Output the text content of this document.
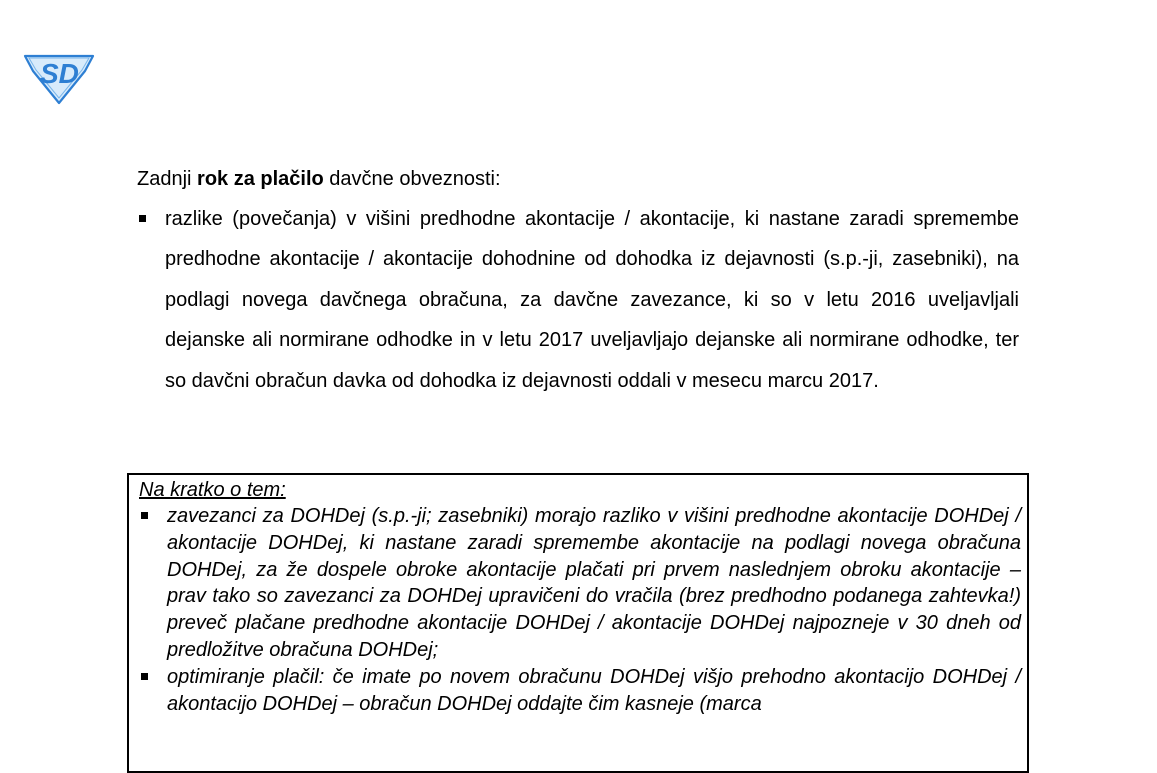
SD

Zadnji rok za plačilo davčne obveznosti:

razlike (povečanja) v višini predhodne akontacije / akontacije, ki nastane zaradi spremembe predhodne akontacije / akontacije dohodnine od dohodka iz dejavnosti (s.p.-ji, zasebniki), na podlagi novega davčnega obračuna, za davčne zavezance, ki so v letu 2016 uveljavljali dejanske ali normirane odhodke in v letu 2017 uveljavljajo dejanske ali normirane odhodke, ter so davčni obračun davka od dohodka iz dejavnosti oddali v mesecu marcu 2017.

Na kratko o tem:

zavezanci za DOHDej (s.p.-ji; zasebniki) morajo razliko v višini predhodne akontacije DOHDej / akontacije DOHDej, ki nastane zaradi spremembe akontacije na podlagi novega obračuna DOHDej, za že dospele obroke akontacije plačati pri prvem naslednjem obroku akontacije – prav tako so zavezanci za DOHDej upravičeni do vračila (brez predhodno podanega zahtevka!) preveč plačane predhodne akontacije DOHDej / akontacije DOHDej najpozneje v 30 dneh od predložitve obračuna DOHDej;
optimiranje plačil: če imate po novem obračunu DOHDej višjo prehodno akontacijo DOHDej / akontacijo DOHDej – obračun DOHDej oddajte čim kasneje (marca
